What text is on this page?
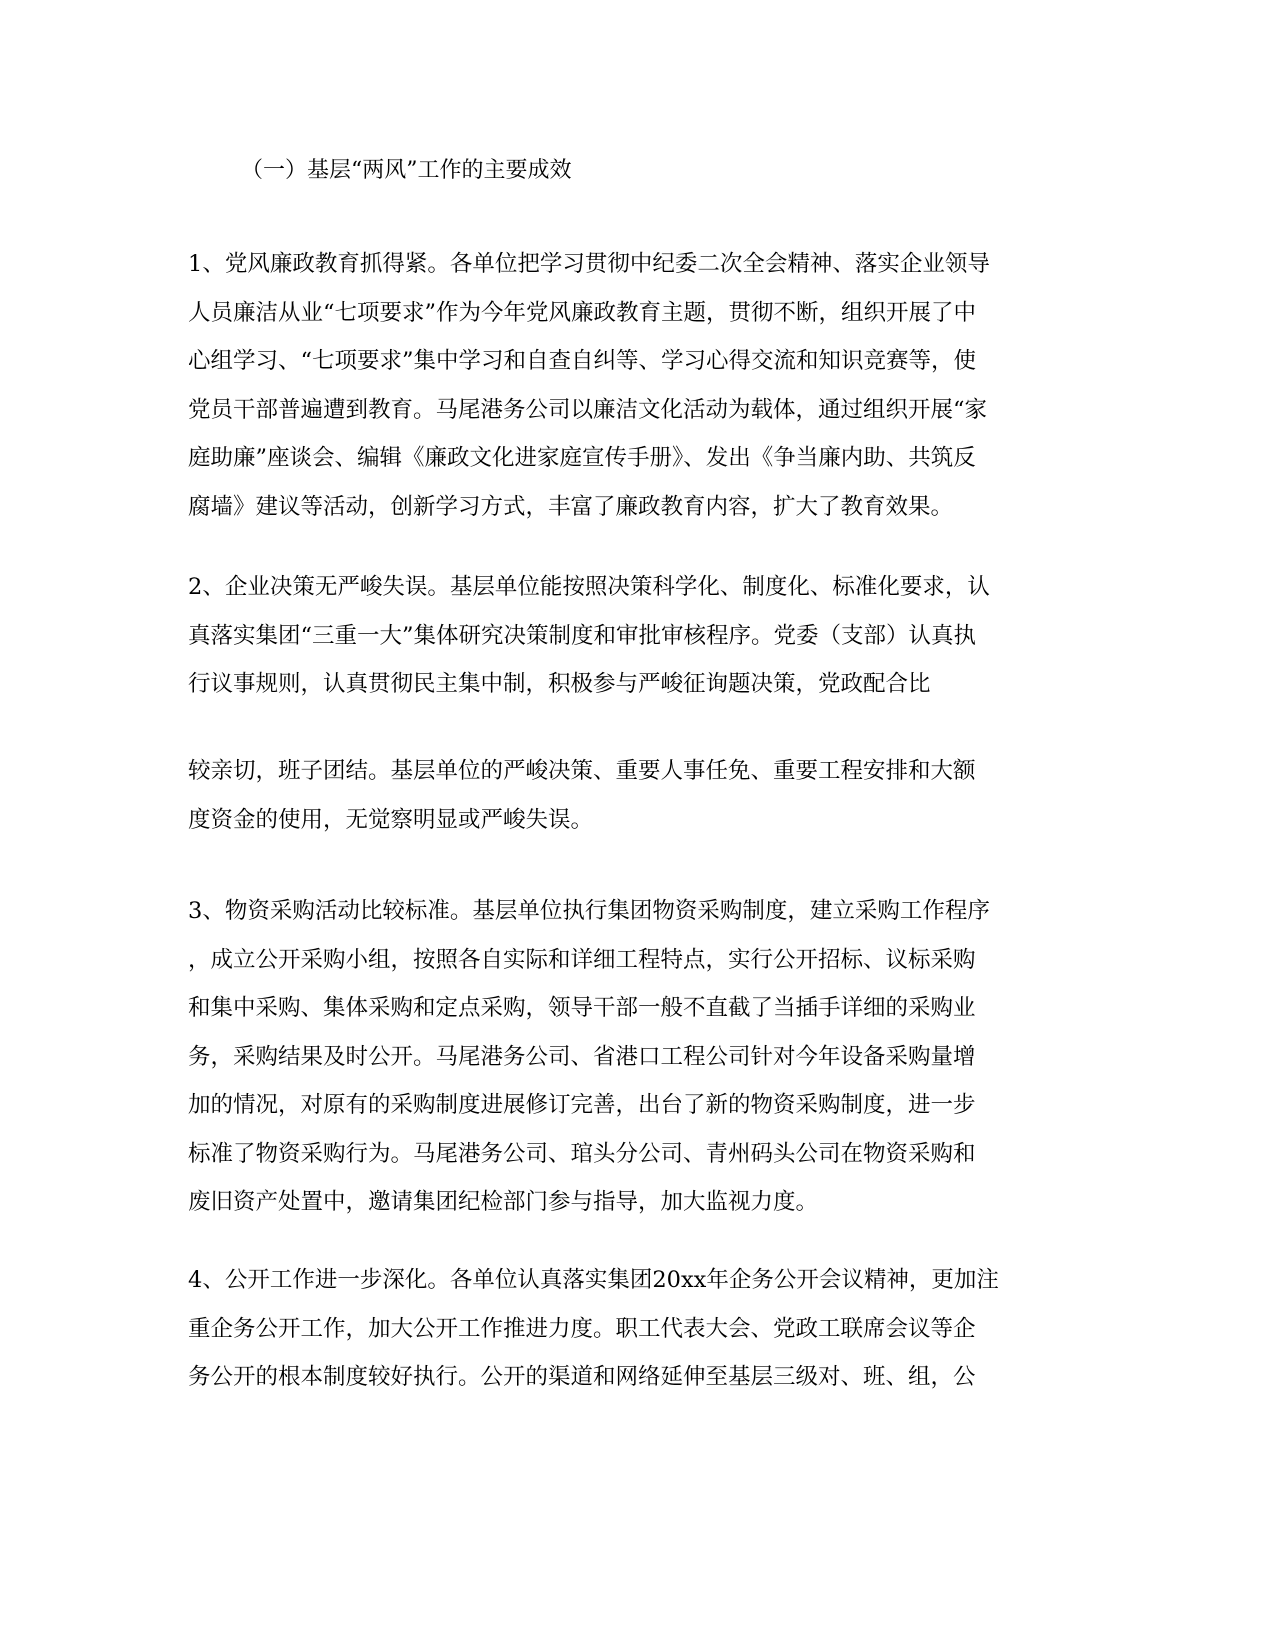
（一）基层“两风”工作的主要成效

1、党风廉政教育抓得紧。各单位把学习贯彻中纪委二次全会精神、落实企业领导
人员廉洁从业“七项要求”作为今年党风廉政教育主题，贯彻不断，组织开展了中
心组学习、“七项要求”集中学习和自查自纠等、学习心得交流和知识竞赛等，使
党员干部普遍遭到教育。马尾港务公司以廉洁文化活动为载体，通过组织开展“家
庭助廉”座谈会、编辑《廉政文化进家庭宣传手册》、发出《争当廉内助、共筑反
腐墙》建议等活动，创新学习方式，丰富了廉政教育内容，扩大了教育效果。

2、企业决策无严峻失误。基层单位能按照决策科学化、制度化、标准化要求，认
真落实集团“三重一大”集体研究决策制度和审批审核程序。党委（支部）认真执
行议事规则，认真贯彻民主集中制，积极参与严峻征询题决策，党政配合比

较亲切，班子团结。基层单位的严峻决策、重要人事任免、重要工程安排和大额
度资金的使用，无觉察明显或严峻失误。

3、物资采购活动比较标准。基层单位执行集团物资采购制度，建立采购工作程序
，成立公开采购小组，按照各自实际和详细工程特点，实行公开招标、议标采购
和集中采购、集体采购和定点采购，领导干部一般不直截了当插手详细的采购业
务，采购结果及时公开。马尾港务公司、省港口工程公司针对今年设备采购量增
加的情况，对原有的采购制度进展修订完善，出台了新的物资采购制度，进一步
标准了物资采购行为。马尾港务公司、琯头分公司、青州码头公司在物资采购和
废旧资产处置中，邀请集团纪检部门参与指导，加大监视力度。

4、公开工作进一步深化。各单位认真落实集团20xx年企务公开会议精神，更加注
重企务公开工作，加大公开工作推进力度。职工代表大会、党政工联席会议等企
务公开的根本制度较好执行。公开的渠道和网络延伸至基层三级对、班、组，公
